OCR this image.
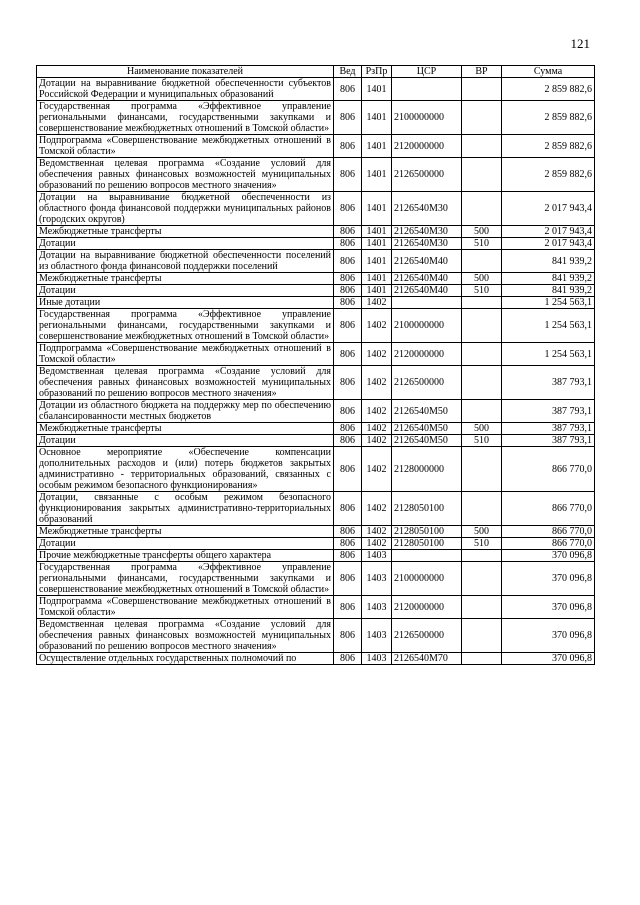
121
Наименование показателей	Вед	РзПр	ЦСР	ВР	Сумма
Дотации на выравнивание бюджетной обеспеченности субъектов Российской Федерации и муниципальных образований	806	1401			2 859 882,6
Государственная программа «Эффективное управление региональными финансами, государственными закупками и совершенствование межбюджетных отношений в Томской области»	806	1401	2100000000		2 859 882,6
Подпрограмма «Совершенствование межбюджетных отношений в Томской области»	806	1401	2120000000		2 859 882,6
Ведомственная целевая программа «Создание условий для обеспечения равных финансовых возможностей муниципальных образований по решению вопросов местного значения»	806	1401	2126500000		2 859 882,6
Дотации на выравнивание бюджетной обеспеченности из областного фонда финансовой поддержки муниципальных районов (городских округов)	806	1401	2126540М30		2 017 943,4
Межбюджетные трансферты	806	1401	2126540М30	500	2 017 943,4
Дотации	806	1401	2126540М30	510	2 017 943,4
Дотации на выравнивание бюджетной обеспеченности поселений из областного фонда финансовой поддержки поселений	806	1401	2126540М40		841 939,2
Межбюджетные трансферты	806	1401	2126540М40	500	841 939,2
Дотации	806	1401	2126540М40	510	841 939,2
Иные дотации	806	1402			1 254 563,1
Государственная программа «Эффективное управление региональными финансами, государственными закупками и совершенствование межбюджетных отношений в Томской области»	806	1402	2100000000		1 254 563,1
Подпрограмма «Совершенствование межбюджетных отношений в Томской области»	806	1402	2120000000		1 254 563,1
Ведомственная целевая программа «Создание условий для обеспечения равных финансовых возможностей муниципальных образований по решению вопросов местного значения»	806	1402	2126500000		387 793,1
Дотации из областного бюджета на поддержку мер по обеспечению сбалансированности местных бюджетов	806	1402	2126540М50		387 793,1
Межбюджетные трансферты	806	1402	2126540М50	500	387 793,1
Дотации	806	1402	2126540М50	510	387 793,1
Основное мероприятие «Обеспечение компенсации дополнительных расходов и (или) потерь бюджетов закрытых административно - территориальных образований, связанных с особым режимом безопасного функционирования»	806	1402	2128000000		866 770,0
Дотации, связанные с особым режимом безопасного функционирования закрытых административно-территориальных образований	806	1402	2128050100		866 770,0
Межбюджетные трансферты	806	1402	2128050100	500	866 770,0
Дотации	806	1402	2128050100	510	866 770,0
Прочие межбюджетные трансферты общего характера	806	1403			370 096,8
Государственная программа «Эффективное управление региональными финансами, государственными закупками и совершенствование межбюджетных отношений в Томской области»	806	1403	2100000000		370 096,8
Подпрограмма «Совершенствование межбюджетных отношений в Томской области»	806	1403	2120000000		370 096,8
Ведомственная целевая программа «Создание условий для обеспечения равных финансовых возможностей муниципальных образований по решению вопросов местного значения»	806	1403	2126500000		370 096,8
Осуществление отдельных государственных полномочий по	806	1403	2126540М70		370 096,8
